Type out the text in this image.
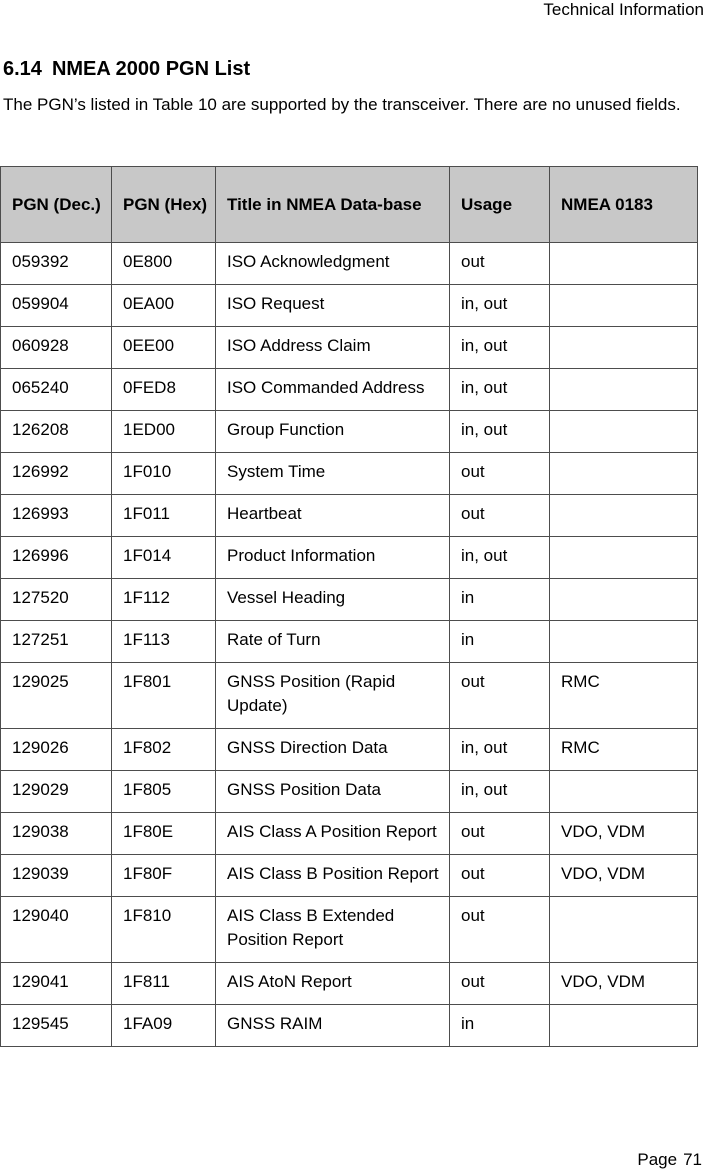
Technical Information
6.14 NMEA 2000 PGN List
The PGN’s listed in Table 10 are supported by the transceiver. There are no unused fields.
PGN (Dec.)	PGN (Hex)	Title in NMEA Data-base	Usage	NMEA 0183
059392	0E800	ISO Acknowledgment	out	
059904	0EA00	ISO Request	in, out	
060928	0EE00	ISO Address Claim	in, out	
065240	0FED8	ISO Commanded Address	in, out	
126208	1ED00	Group Function	in, out	
126992	1F010	System Time	out	
126993	1F011	Heartbeat	out	
126996	1F014	Product Information	in, out	
127520	1F112	Vessel Heading	in	
127251	1F113	Rate of Turn	in	
129025	1F801	GNSS Position (Rapid Update)	out	RMC
129026	1F802	GNSS Direction Data	in, out	RMC
129029	1F805	GNSS Position Data	in, out	
129038	1F80E	AIS Class A Position Report	out	VDO, VDM
129039	1F80F	AIS Class B Position Report	out	VDO, VDM
129040	1F810	AIS Class B Extended Position Report	out	
129041	1F811	AIS AtoN Report	out	VDO, VDM
129545	1FA09	GNSS RAIM	in	
Page 71
